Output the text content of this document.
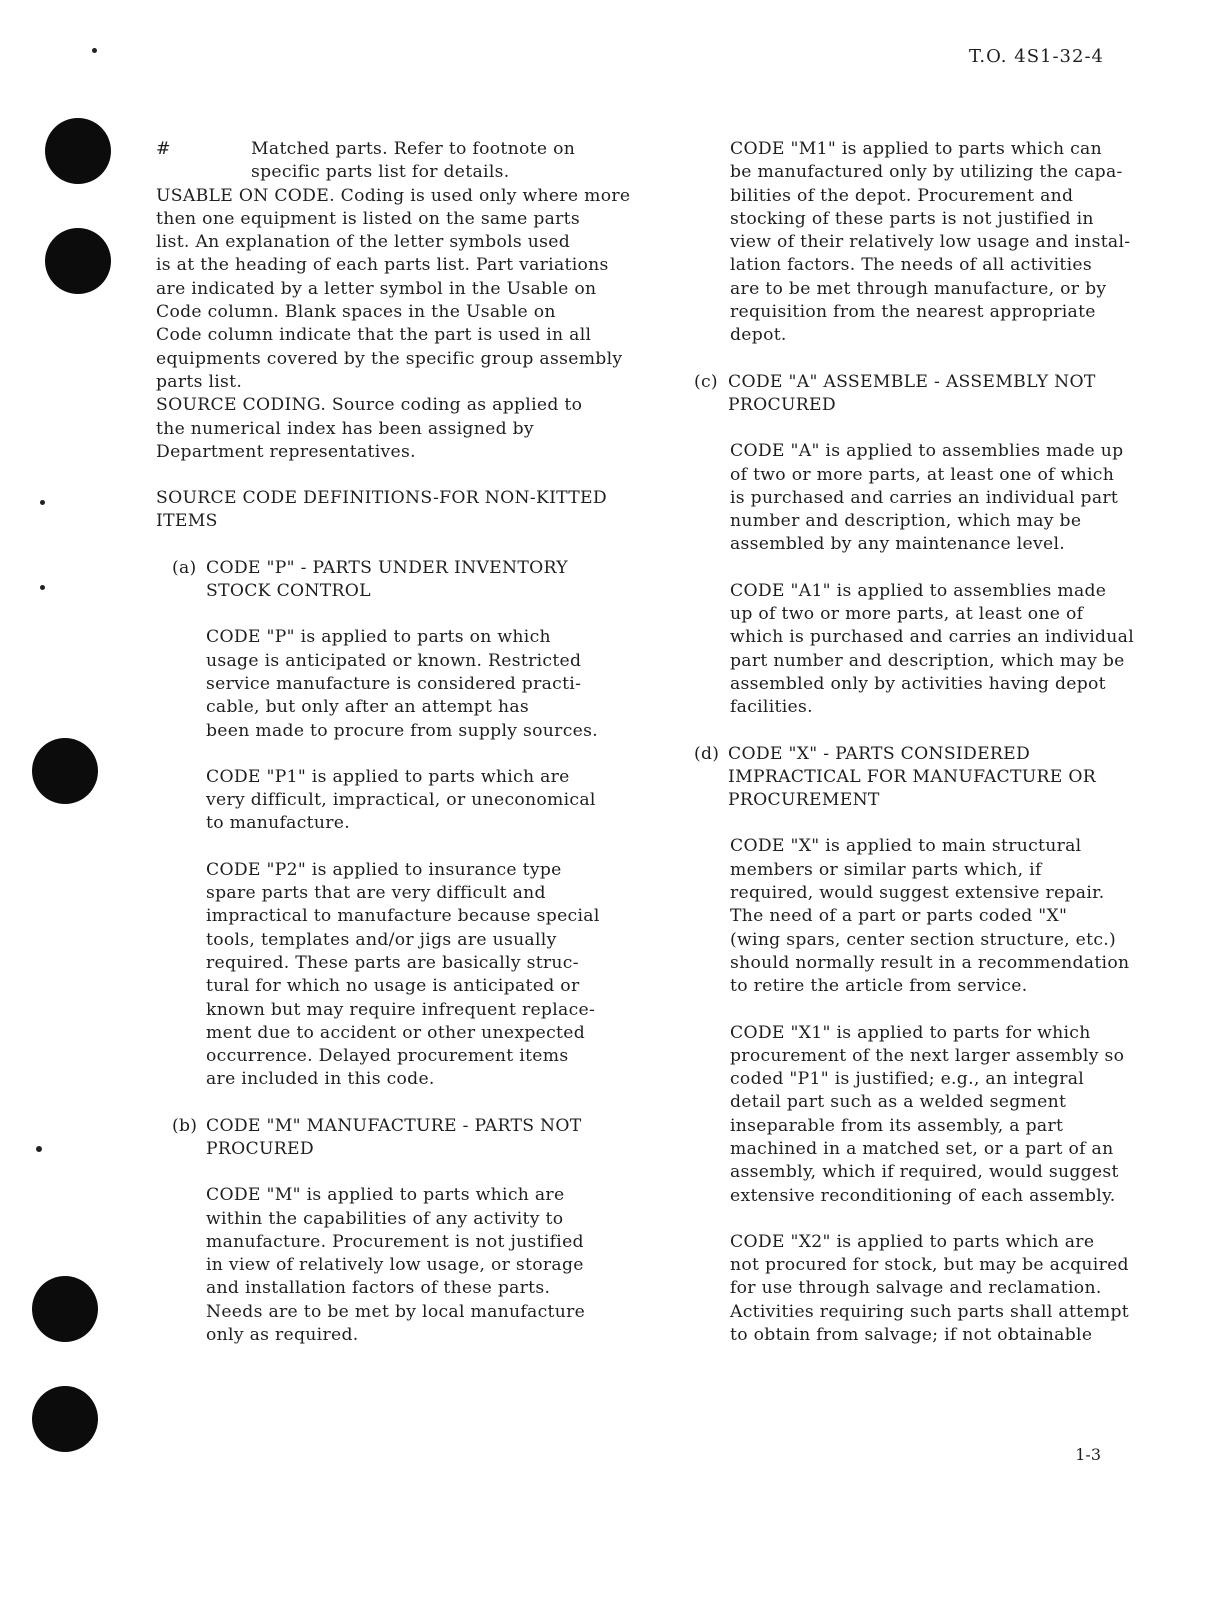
T.O. 4S1-32-4
#	Matched parts. Refer to footnote on
specific parts list for details.

USABLE ON CODE. Coding is used only where more
then one equipment is listed on the same parts
list. An explanation of the letter symbols used
is at the heading of each parts list. Part variations
are indicated by a letter symbol in the Usable on
Code column. Blank spaces in the Usable on
Code column indicate that the part is used in all
equipments covered by the specific group assembly
parts list.

SOURCE CODING. Source coding as applied to
the numerical index has been assigned by
Department representatives.

SOURCE CODE DEFINITIONS-FOR NON-KITTED
ITEMS

(a) CODE "P" - PARTS UNDER INVENTORY
STOCK CONTROL

CODE "P" is applied to parts on which
usage is anticipated or known. Restricted
service manufacture is considered practi-
cable, but only after an attempt has
been made to procure from supply sources.

CODE "P1" is applied to parts which are
very difficult, impractical, or uneconomical
to manufacture.

CODE "P2" is applied to insurance type
spare parts that are very difficult and
impractical to manufacture because special
tools, templates and/or jigs are usually
required. These parts are basically struc-
tural for which no usage is anticipated or
known but may require infrequent replace-
ment due to accident or other unexpected
occurrence. Delayed procurement items
are included in this code.

(b) CODE "M" MANUFACTURE - PARTS NOT
PROCURED

CODE "M" is applied to parts which are
within the capabilities of any activity to
manufacture. Procurement is not justified
in view of relatively low usage, or storage
and installation factors of these parts.
Needs are to be met by local manufacture
only as required.

CODE "M1" is applied to parts which can
be manufactured only by utilizing the capa-
bilities of the depot. Procurement and
stocking of these parts is not justified in
view of their relatively low usage and instal-
lation factors. The needs of all activities
are to be met through manufacture, or by
requisition from the nearest appropriate
depot.

(c) CODE "A" ASSEMBLE - ASSEMBLY NOT
PROCURED

CODE "A" is applied to assemblies made up
of two or more parts, at least one of which
is purchased and carries an individual part
number and description, which may be
assembled by any maintenance level.

CODE "A1" is applied to assemblies made
up of two or more parts, at least one of
which is purchased and carries an individual
part number and description, which may be
assembled only by activities having depot
facilities.

(d) CODE "X" - PARTS CONSIDERED
IMPRACTICAL FOR MANUFACTURE OR
PROCUREMENT

CODE "X" is applied to main structural
members or similar parts which, if
required, would suggest extensive repair.
The need of a part or parts coded "X"
(wing spars, center section structure, etc.)
should normally result in a recommendation
to retire the article from service.

CODE "X1" is applied to parts for which
procurement of the next larger assembly so
coded "P1" is justified; e.g., an integral
detail part such as a welded segment
inseparable from its assembly, a part
machined in a matched set, or a part of an
assembly, which if required, would suggest
extensive reconditioning of each assembly.

CODE "X2" is applied to parts which are
not procured for stock, but may be acquired
for use through salvage and reclamation.
Activities requiring such parts shall attempt
to obtain from salvage; if not obtainable

1-3
